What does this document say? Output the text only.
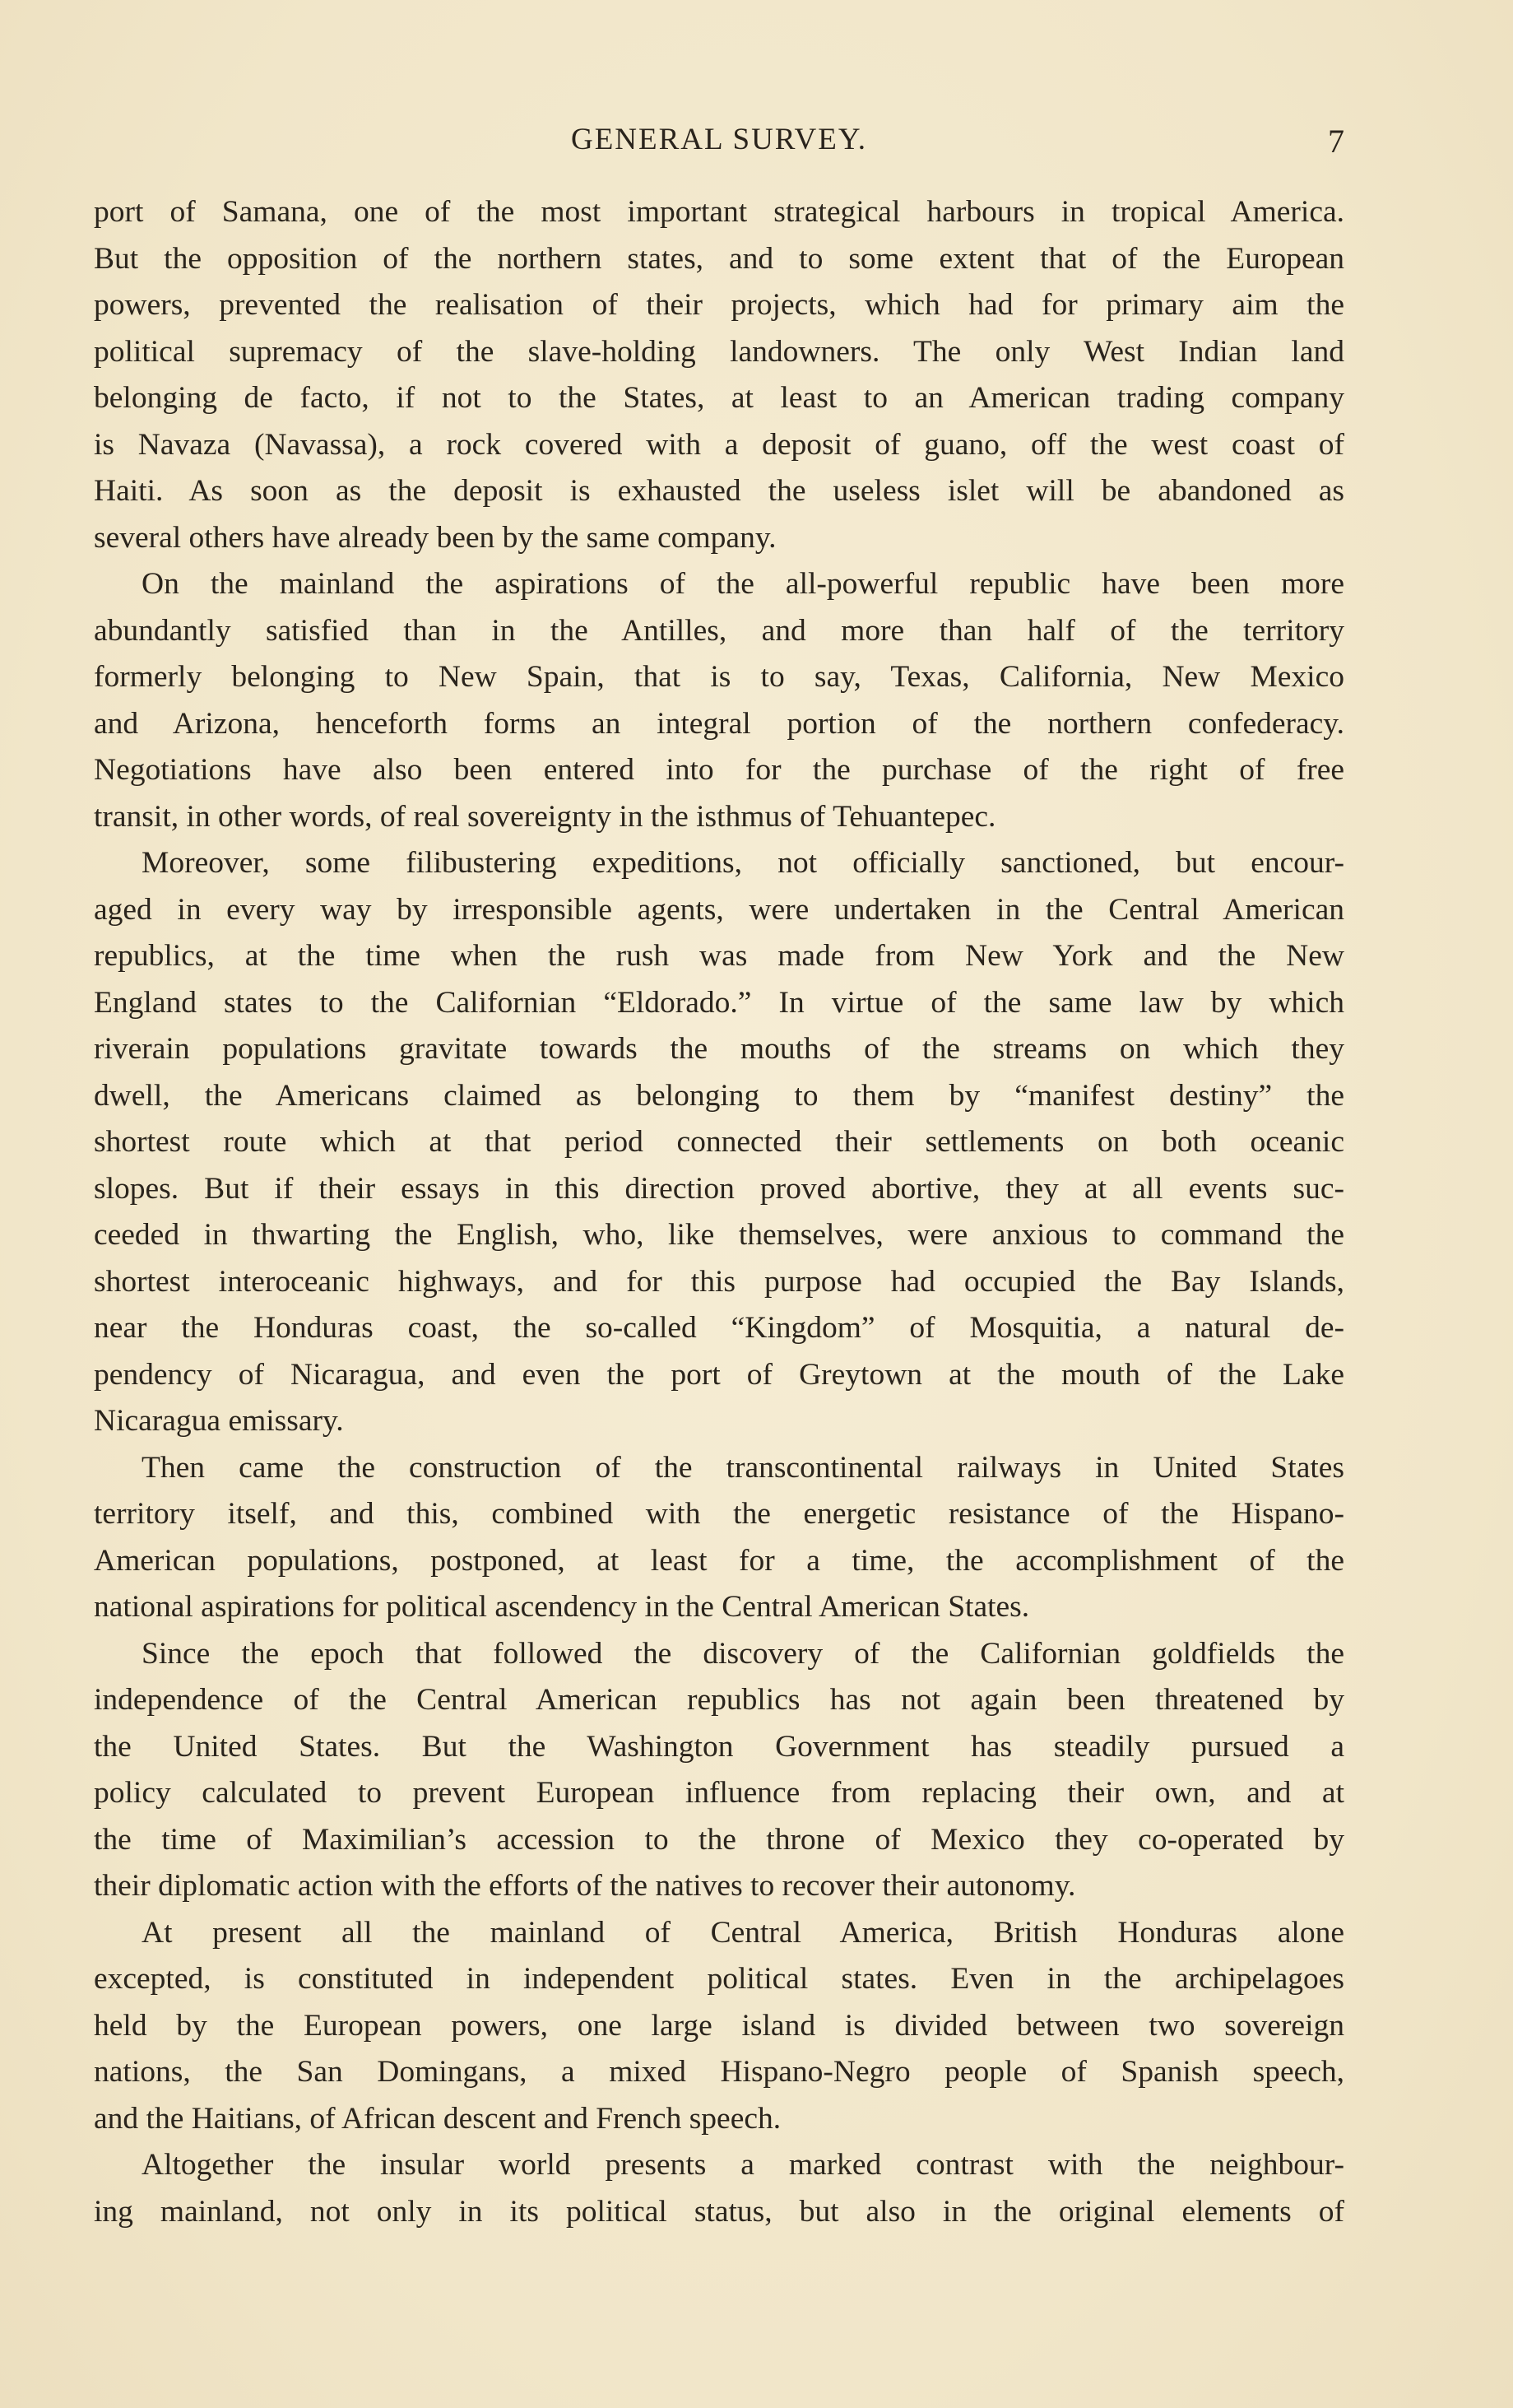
GENERAL SURVEY.	7
port of Samana, one of the most important strategical harbours in tropical America.
But the opposition of the northern states, and to some extent that of the European
powers, prevented the realisation of their projects, which had for primary aim the
political supremacy of the slave-holding landowners. The only West Indian land
belonging de facto, if not to the States, at least to an American trading company
is Navaza (Navassa), a rock covered with a deposit of guano, off the west coast of
Haiti. As soon as the deposit is exhausted the useless islet will be abandoned as
several others have already been by the same company.
On the mainland the aspirations of the all-powerful republic have been more
abundantly satisfied than in the Antilles, and more than half of the territory
formerly belonging to New Spain, that is to say, Texas, California, New Mexico
and Arizona, henceforth forms an integral portion of the northern confederacy.
Negotiations have also been entered into for the purchase of the right of free
transit, in other words, of real sovereignty in the isthmus of Tehuantepec.
Moreover, some filibustering expeditions, not officially sanctioned, but encour-
aged in every way by irresponsible agents, were undertaken in the Central American
republics, at the time when the rush was made from New York and the New
England states to the Californian “Eldorado.” In virtue of the same law by which
riverain populations gravitate towards the mouths of the streams on which they
dwell, the Americans claimed as belonging to them by “manifest destiny” the
shortest route which at that period connected their settlements on both oceanic
slopes. But if their essays in this direction proved abortive, they at all events suc-
ceeded in thwarting the English, who, like themselves, were anxious to command the
shortest interoceanic highways, and for this purpose had occupied the Bay Islands,
near the Honduras coast, the so-called “Kingdom” of Mosquitia, a natural de-
pendency of Nicaragua, and even the port of Greytown at the mouth of the Lake
Nicaragua emissary.
Then came the construction of the transcontinental railways in United States
territory itself, and this, combined with the energetic resistance of the Hispano-
American populations, postponed, at least for a time, the accomplishment of the
national aspirations for political ascendency in the Central American States.
Since the epoch that followed the discovery of the Californian goldfields the
independence of the Central American republics has not again been threatened by
the United States. But the Washington Government has steadily pursued a
policy calculated to prevent European influence from replacing their own, and at
the time of Maximilian’s accession to the throne of Mexico they co-operated by
their diplomatic action with the efforts of the natives to recover their autonomy.
At present all the mainland of Central America, British Honduras alone
excepted, is constituted in independent political states. Even in the archipelagoes
held by the European powers, one large island is divided between two sovereign
nations, the San Domingans, a mixed Hispano-Negro people of Spanish speech,
and the Haitians, of African descent and French speech.
Altogether the insular world presents a marked contrast with the neighbour-
ing mainland, not only in its political status, but also in the original elements of
